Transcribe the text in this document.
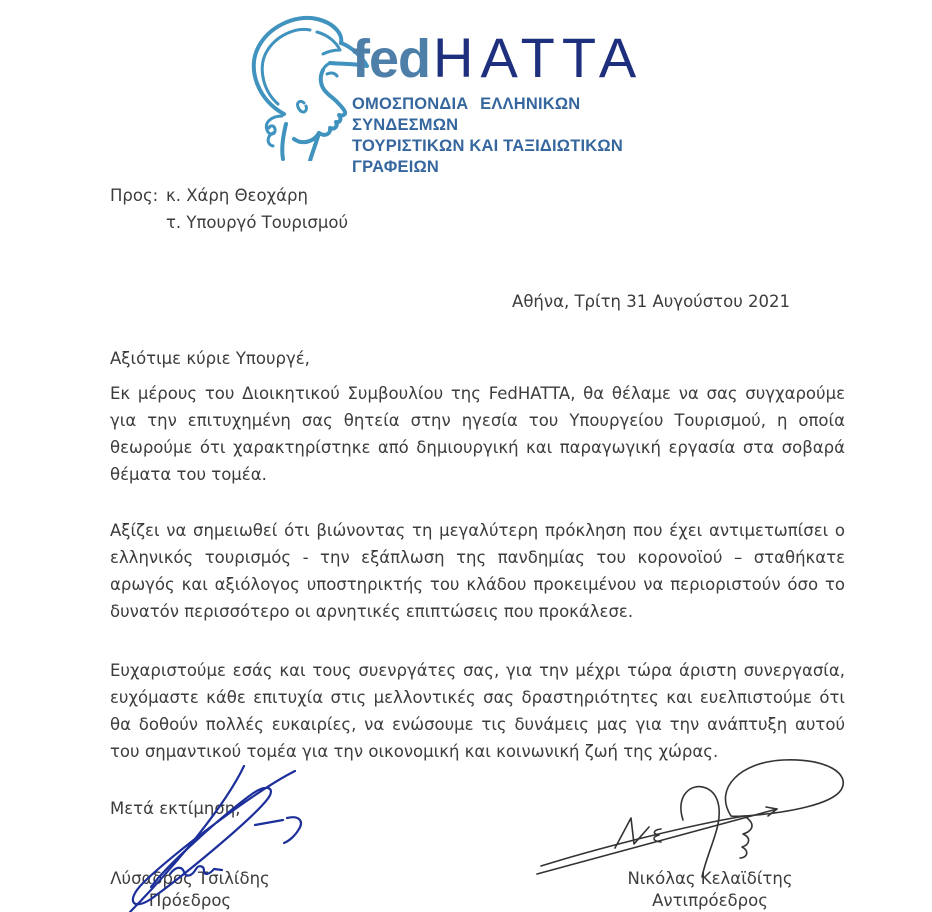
fedHATTA
ΟΜΟΣΠΟΝΔΙΑ ΕΛΛΗΝΙΚΩΝ ΣΥΝΔΕΣΜΩΝ
ΤΟΥΡΙΣΤΙΚΩΝ ΚΑΙ ΤΑΞΙΔΙΩΤΙΚΩΝ ΓΡΑΦΕΙΩΝ
Προς: κ. Χάρη Θεοχάρη
τ. Υπουργό Τουρισμού
Αθήνα, Τρίτη 31 Αυγούστου 2021
Αξιότιμε κύριε Υπουργέ,

Εκ μέρους του Διοικητικού Συμβουλίου της FedHATTA, θα θέλαμε να σας συγχαρούμε για την επιτυχημένη σας θητεία στην ηγεσία του Υπουργείου Τουρισμού, η οποία θεωρούμε ότι χαρακτηρίστηκε από δημιουργική και παραγωγική εργασία στα σοβαρά θέματα του τομέα.

Αξίζει να σημειωθεί ότι βιώνοντας τη μεγαλύτερη πρόκληση που έχει αντιμετωπίσει ο ελληνικός τουρισμός - την εξάπλωση της πανδημίας του κορονοϊού – σταθήκατε αρωγός και αξιόλογος υποστηρικτής του κλάδου προκειμένου να περιοριστούν όσο το δυνατόν περισσότερο οι αρνητικές επιπτώσεις που προκάλεσε.

Ευχαριστούμε εσάς και τους συενργάτες σας, για την μέχρι τώρα άριστη συνεργασία, ευχόμαστε κάθε επιτυχία στις μελλοντικές σας δραστηριότητες και ευελπιστούμε ότι θα δοθούν πολλές ευκαιρίες, να ενώσουμε τις δυνάμεις μας για την ανάπτυξη αυτού του σημαντικού τομέα για την οικονομική και κοινωνική ζωή της χώρας.

Μετά εκτίμηση,
Λύσαδρος Τσιλίδης
Πρόεδρος
Νικόλας Κελαϊδίτης
Αντιπρόεδρος
